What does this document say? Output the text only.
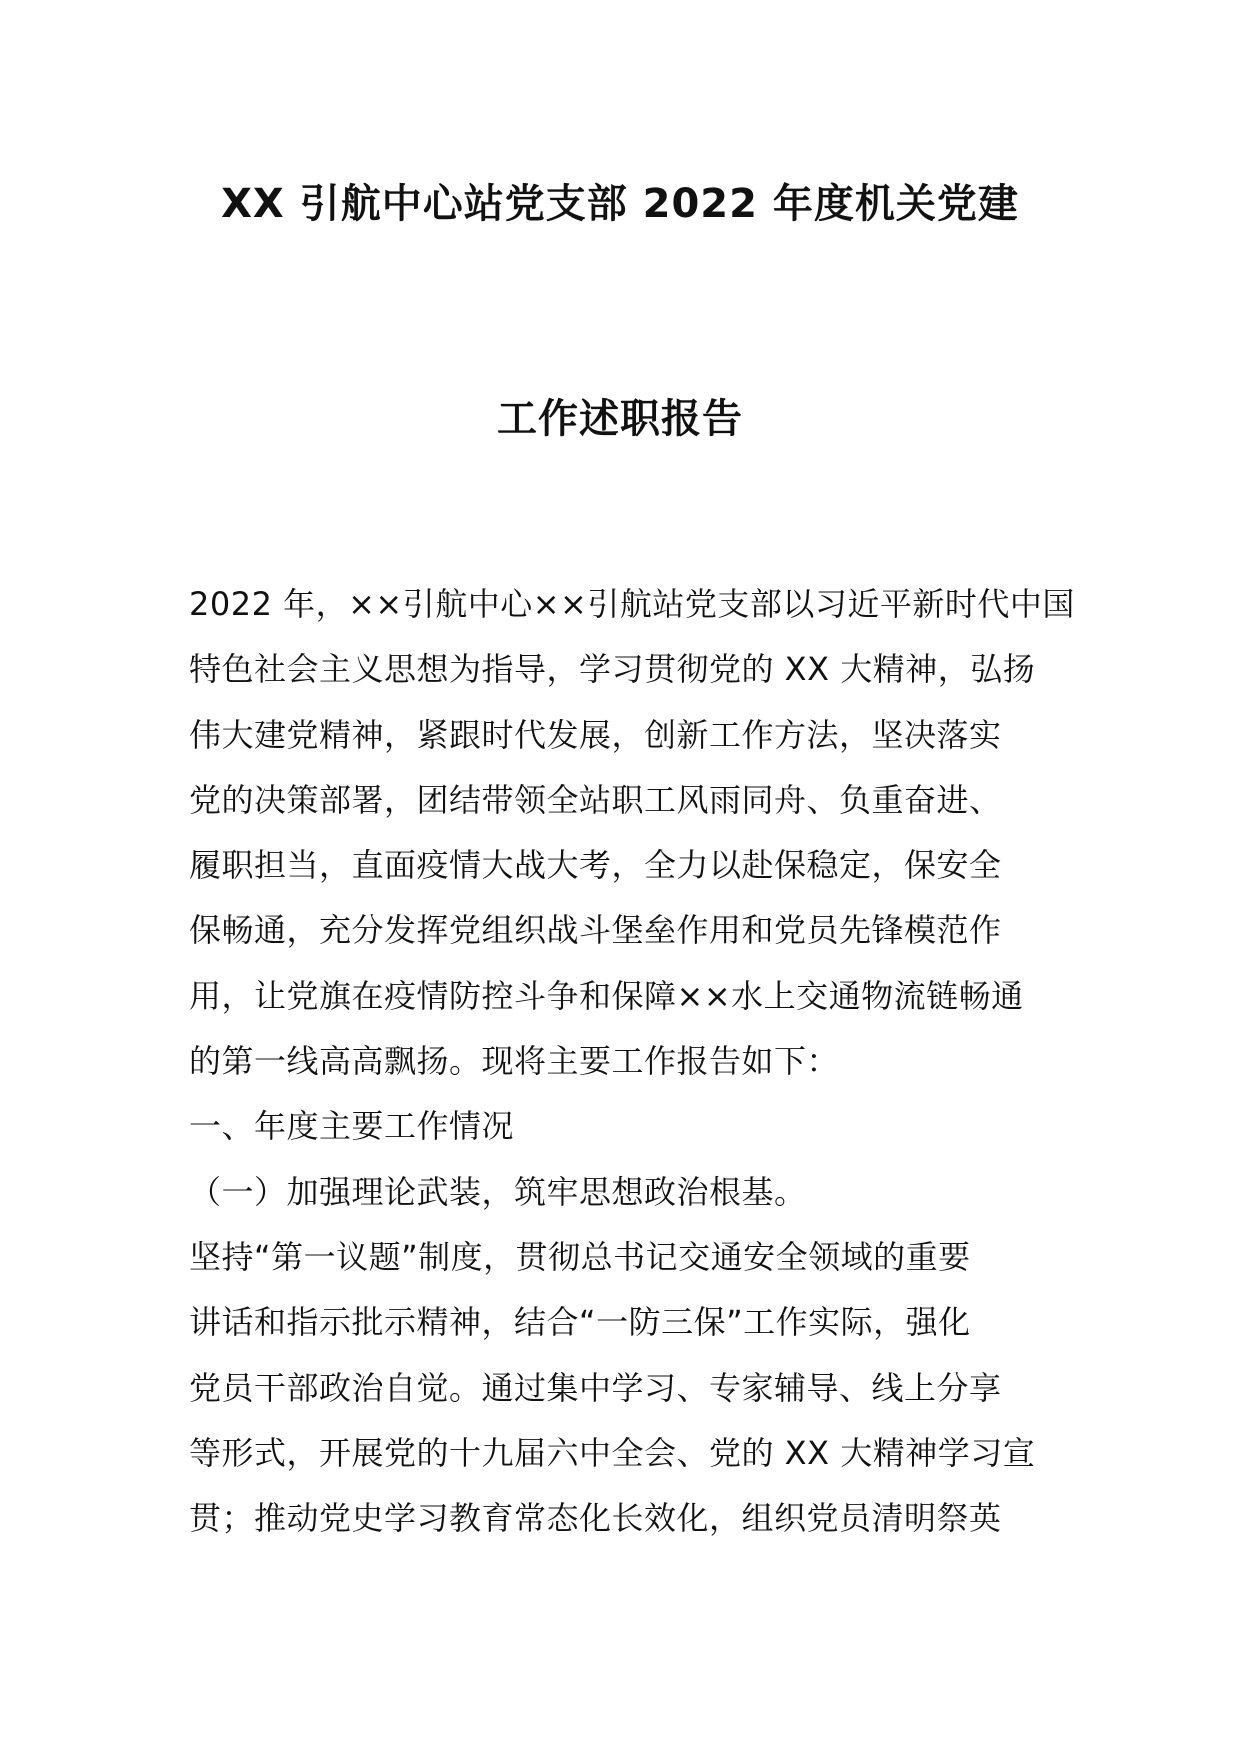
XX 引航中心站党支部 2022 年度机关党建
工作述职报告
2022 年，××引航中心××引航站党支部以习近平新时代中国
特色社会主义思想为指导，学习贯彻党的 XX 大精神，弘扬
伟大建党精神，紧跟时代发展，创新工作方法，坚决落实
党的决策部署，团结带领全站职工风雨同舟、负重奋进、
履职担当，直面疫情大战大考，全力以赴保稳定，保安全
保畅通，充分发挥党组织战斗堡垒作用和党员先锋模范作
用，让党旗在疫情防控斗争和保障××水上交通物流链畅通
的第一线高高飘扬。现将主要工作报告如下：
一、年度主要工作情况
（一）加强理论武装，筑牢思想政治根基。
坚持“第一议题”制度，贯彻总书记交通安全领域的重要
讲话和指示批示精神，结合“一防三保”工作实际，强化
党员干部政治自觉。通过集中学习、专家辅导、线上分享
等形式，开展党的十九届六中全会、党的 XX 大精神学习宣
贯；推动党史学习教育常态化长效化，组织党员清明祭英
